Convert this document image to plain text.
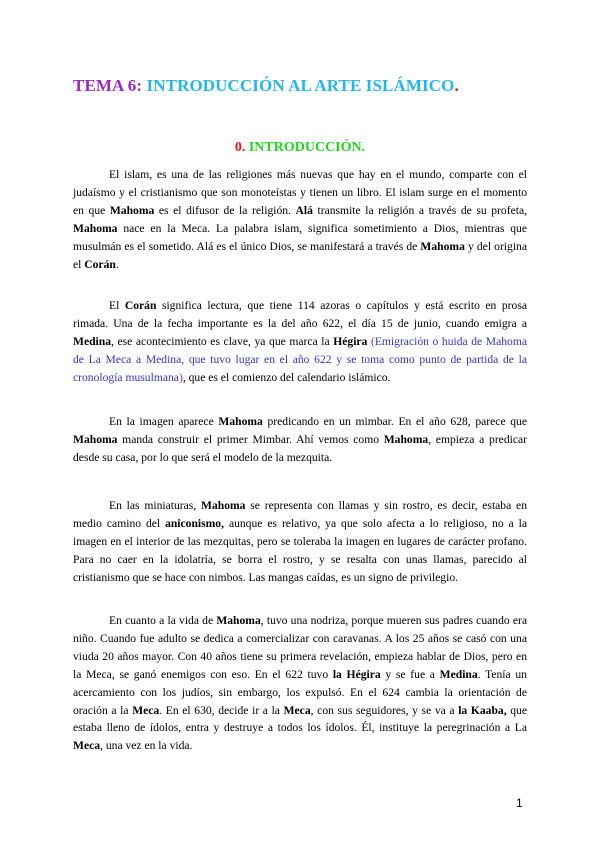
TEMA 6: INTRODUCCIÓN AL ARTE ISLÁMICO.
0. INTRODUCCIÓN.

El islam, es una de las religiones más nuevas que hay en el mundo, comparte con el judaísmo y el cristianismo que son monoteístas y tienen un libro. El islam surge en el momento en que Mahoma es el difusor de la religión. Alá transmite la religión a través de su profeta, Mahoma nace en la Meca. La palabra islam, significa sometimiento a Dios, mientras que musulmán es el sometido. Alá es el único Dios, se manifestará a través de Mahoma y del origina el Corán.

El Corán significa lectura, que tiene 114 azoras o capítulos y está escrito en prosa rimada. Una de la fecha importante es la del año 622, el día 15 de junio, cuando emigra a Medina, ese acontecimiento es clave, ya que marca la Hégira (Emigración o huida de Mahoma de La Meca a Medina, que tuvo lugar en el año 622 y se toma como punto de partida de la cronología musulmana), que es el comienzo del calendario islámico.

En la imagen aparece Mahoma predicando en un mimbar. En el año 628, parece que Mahoma manda construir el primer Mimbar. Ahí vemos como Mahoma, empieza a predicar desde su casa, por lo que será el modelo de la mezquita.

En las miniaturas, Mahoma se representa con llamas y sin rostro, es decir, estaba en medio camino del aniconismo, aunque es relativo, ya que solo afecta a lo religioso, no a la imagen en el interior de las mezquitas, pero se toleraba la imagen en lugares de carácter profano. Para no caer en la idolatría, se borra el rostro, y se resalta con unas llamas, parecido al cristianismo que se hace con nimbos. Las mangas caídas, es un signo de privilegio.

En cuanto a la vida de Mahoma, tuvo una nodriza, porque mueren sus padres cuando era niño. Cuando fue adulto se dedica a comercializar con caravanas. A los 25 años se casó con una viuda 20 años mayor. Con 40 años tiene su primera revelación, empieza hablar de Dios, pero en la Meca, se ganó enemigos con eso. En el 622 tuvo la Hégira y se fue a Medina. Tenía un acercamiento con los judíos, sin embargo, los expulsó. En el 624 cambia la orientación de oración a la Meca. En el 630, decide ir a la Meca, con sus seguidores, y se va a la Kaaba, que estaba lleno de ídolos, entra y destruye a todos los ídolos. Él, instituye la peregrinación a La Meca, una vez en la vida.

1
